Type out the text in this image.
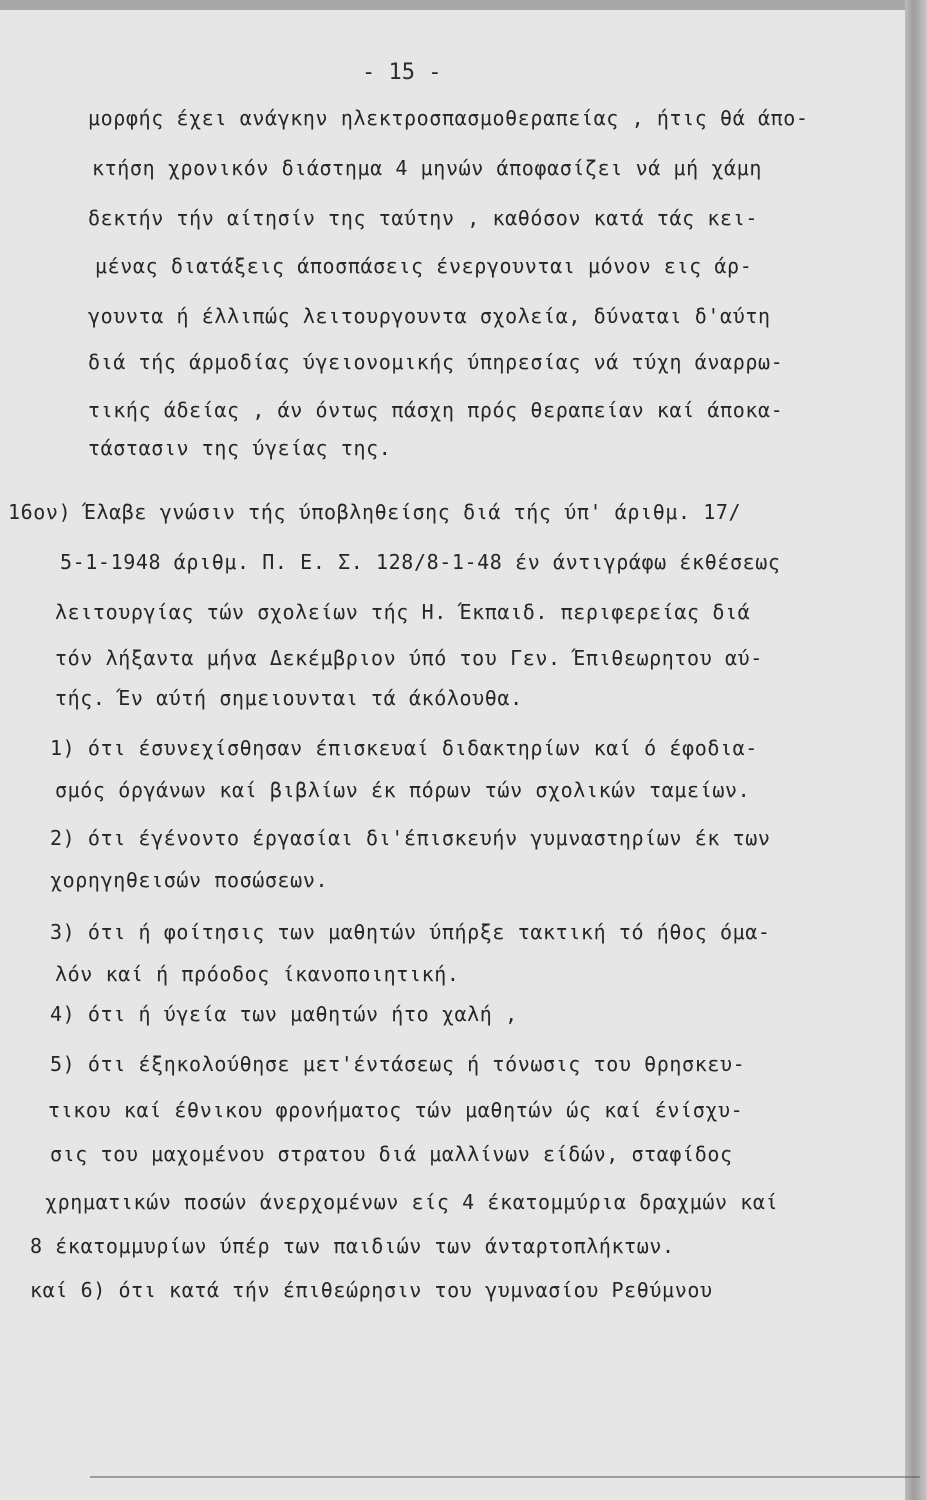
- 15 -
μορφής έχει ανάγκην ηλεκτροσπασμοθεραπείας , ήτις θά άπο-
κτήση χρονικόν διάστημα 4 μηνών άποφασίζει νά μή χάμη
δεκτήν τήν αίτησίν της ταύτην , καθόσον κατά τάς κει-
μένας διατάξεις άποσπάσεις ένεργουνται μόνον εις άρ-
γουντα ή έλλιπώς λειτουργουντα σχολεία, δύναται δ'αύτη
διά τής άρμοδίας ύγειονομικής ύπηρεσίας νά τύχη άναρρω-
τικής άδείας , άν όντως πάσχη πρός θεραπείαν καί άποκα-
τάστασιν της ύγείας της.
16ον) Έλαβε γνώσιν τής ύποβληθείσης διά τής ύπ' άριθμ. 17/
5-1-1948 άριθμ. Π. Ε. Σ. 128/8-1-48 έν άντιγράφω έκθέσεως
λειτουργίας τών σχολείων τής Η. Έκπαιδ. περιφερείας διά
τόν λήξαντα μήνα Δεκέμβριον ύπό του Γεν. Έπιθεωρητου αύ-
τής. Έν αύτή σημειουνται τά άκόλουθα.
1) ότι έσυνεχίσθησαν έπισκευαί διδακτηρίων καί ό έφοδια-
σμός όργάνων καί βιβλίων έκ πόρων τών σχολικών ταμείων.
2) ότι έγένοντο έργασίαι δι'έπισκευήν γυμναστηρίων έκ των
χορηγηθεισών ποσώσεων.
3) ότι ή φοίτησις των μαθητών ύπήρξε τακτική τό ήθος όμα-
λόν καί ή πρόοδος ίκανοποιητική.
4) ότι ή ύγεία των μαθητών ήτο χαλή ,
5) ότι έξηκολούθησε μετ'έντάσεως ή τόνωσις του θρησκευ-
τικου καί έθνικου φρονήματος τών μαθητών ώς καί ένίσχυ-
σις του μαχομένου στρατου διά μαλλίνων είδών, σταφίδος
χρηματικών ποσών άνερχομένων είς 4 έκατομμύρια δραχμών καί
8 έκατομμυρίων ύπέρ των παιδιών των άνταρτοπλήκτων.
καί 6) ότι κατά τήν έπιθεώρησιν του γυμνασίου Ρεθύμνου
